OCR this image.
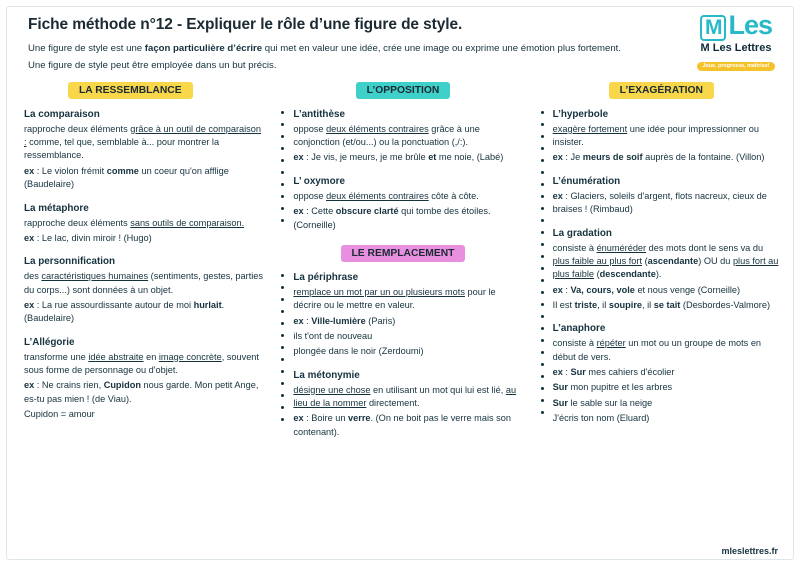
Fiche méthode n°12 - Expliquer le rôle d’une figure de style.

Une figure de style est une façon particulière d’écrire qui met en valeur une idée, crée une image ou exprime une émotion plus fortement.

Une figure de style peut être employée dans un but précis.

M Les
M Les Lettres
Joue, progresse, maîtrise!
LA RESSEMBLANCE
La comparaison

rapproche deux éléments grâce à un outil de comparaison : comme, tel que, semblable à... pour montrer la ressemblance.

ex : Le violon frémit comme un coeur qu'on afflige (Baudelaire)

La métaphore

rapproche deux éléments sans outils de comparaison.

ex : Le lac, divin miroir ! (Hugo)

La personnification

des caractéristiques humaines (sentiments, gestes, parties du corps...) sont données à un objet.

ex : La rue assourdissante autour de moi hurlait. (Baudelaire)

L’Allégorie

transforme une idée abstraite en image concrète, souvent sous forme de personnage ou d'objet.

ex : Ne crains rien, Cupidon nous garde. Mon petit Ange, es-tu pas mien ! (de Viau).

Cupidon = amour

L’OPPOSITION
L’antithèse

oppose deux éléments contraires grâce à une conjonction (et/ou...) ou la ponctuation (,/:).

ex : Je vis, je meurs, je me brûle et me noie, (Labé)

L’ oxymore

oppose deux éléments contraires côte à côte.

ex : Cette obscure clarté qui tombe des étoiles. (Corneille)

LE REMPLACEMENT
La périphrase

remplace un mot par un ou plusieurs mots pour le décrire ou le mettre en valeur.

ex : Ville-lumière (Paris)

ils t'ont de nouveau

plongée dans le noir (Zerdoumi)

La métonymie

désigne une chose en utilisant un mot qui lui est lié, au lieu de la nommer directement.

ex : Boire un verre. (On ne boit pas le verre mais son contenant).

L’EXAGÉRATION
L’hyperbole

exagère fortement une idée pour impressionner ou insister.

ex : Je meurs de soif auprès de la fontaine. (Villon)

L’énumération

ex : Glaciers, soleils d'argent, flots nacreux, cieux de braises ! (Rimbaud)

La gradation

consiste à énuméréder des mots dont le sens va du plus faible au plus fort (ascendante) OU du plus fort au plus faible (descendante).

ex : Va, cours, vole et nous venge (Corneille)

Il est triste, il soupire, il se tait (Desbordes-Valmore)

L’anaphore

consiste à répéter un mot ou un groupe de mots en début de vers.

ex : Sur mes cahiers d'écolier

Sur mon pupitre et les arbres

Sur le sable sur la neige

J'écris ton nom (Eluard)

mleslettres.fr
